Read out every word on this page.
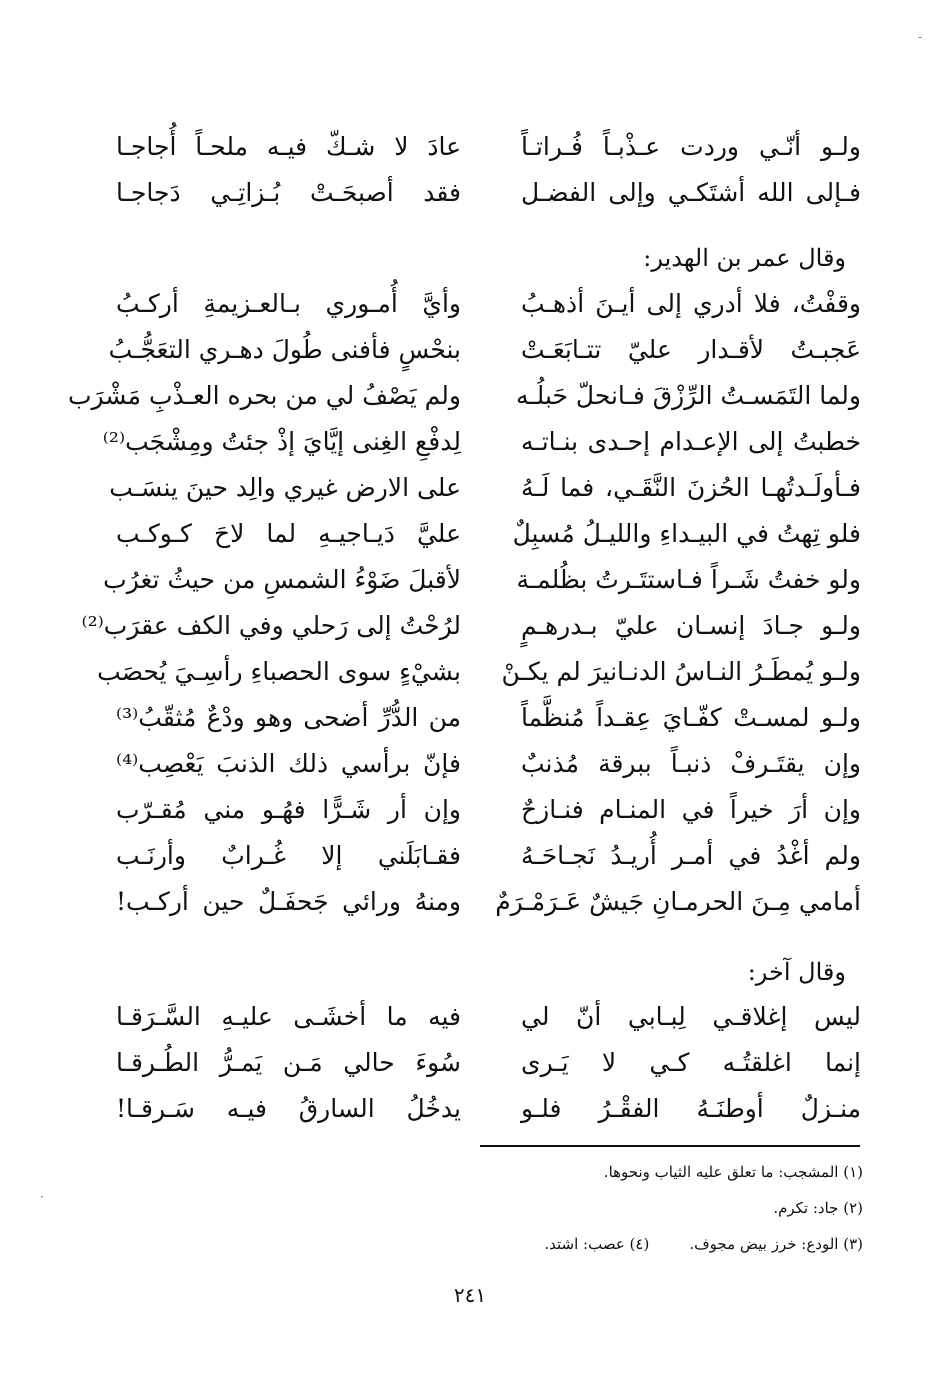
ولـو أنّـي وردت عـذْبـاً فُـراتـاً
عادَ لا شـكّ فيـه ملحـاً أُجاجـا
فـإلى الله أشتَكـي وإلى الفضـل
فقد أصبحَـتْ بُـزاتِـي دَجاجـا
وقال عمر بن الهدير:
وقفْتُ، فلا أدري إلى أيـنَ أذهـبُ
وأيَّ أُمـوري بـالعـزيمةِ أركـبُ
عَجبـتُ لأقـدار عليّ تتـابَعَـتْ
بنحْسٍ فأفنى طُولَ دهـري التعَجُّـبُ
ولما التَمَسـتُ الرِّزْقَ فـانحلّ حَبلُـه
ولم يَصْفُ لي من بحره العـذْبِ مَشْرَب
خطبتُ إلى الإعـدام إحـدى بنـاتـه
لِدفْعِ الغِنى إيَّايَ إذْ جئتُ ومِشْجَب⁽²⁾
فـأولَـدتُهـا الحُزنَ النَّقَـي، فما لَـهُ
على الارض غيري والِد حينَ ينسَـب
فلو تِهتُ في البيـداءِ والليـلُ مُسبِلٌ
عليَّ دَيـاجيـهِ لما لاحَ كـوكـب
ولو خفتُ شَـراً فـاستتَـرتُ بظُلمـة
لأقبلَ ضَوْءُ الشمسِ من حيثُ تغرُب
ولـو جـادَ إنسـان عليّ بـدرهـمٍ
لرُحْتُ إلى رَحلي وفي الكف عقرَب⁽²⁾
ولـو يُمطَـرُ النـاسُ الدنـانيرَ لم يكـنْ
بشيْءٍ سوى الحصباءِ رأسِـيَ يُحصَب
ولـو لمسـتْ كفّـايَ عِقـداً مُنظَّماً
من الدُّرِّ أضحى وهو ودْعٌ مُثقّبُ⁽³⁾
وإن يقتَـرفْ ذنبـاً ببرقة مُذنبٌ
فإنّ برأسي ذلك الذنبَ يَعْصِب⁽⁴⁾
وإن أرَ خيراً في المنـام فنـازحٌ
وإن أر شَـرًّا فهُـو مني مُقـرّب
ولم أغْدُ في أمـر أُريـدُ نَجـاحَـهُ
فقـابَلَني إلا غُـرابٌ وأرنَـب
أمامي مِـنَ الحرمـانِ جَيشٌ عَـرَمْـرَمٌ
ومنهُ ورائي جَحفَـلٌ حين أركـب!
وقال آخر:
ليس إغلاقـي لِبـابي أنّ لي
فيه ما أخشَـى عليـهِ السَّـرَقـا
إنما اغلقتُـه كـي لا يَـرى
سُوءَ حالي مَـن يَمـرُّ الطُـرقـا
منـزلٌ أوطنَـهُ الفقْـرُ فلـو
يدخُلُ السارقُ فيـه سَـرقـا!
(١) المشجب: ما تعلق عليه الثياب ونحوها.
(٢) جاد: تكرم.
(٣) الودع: خرز بيض مجوف.(٤) عصب: اشتد.
٢٤١
-
·
